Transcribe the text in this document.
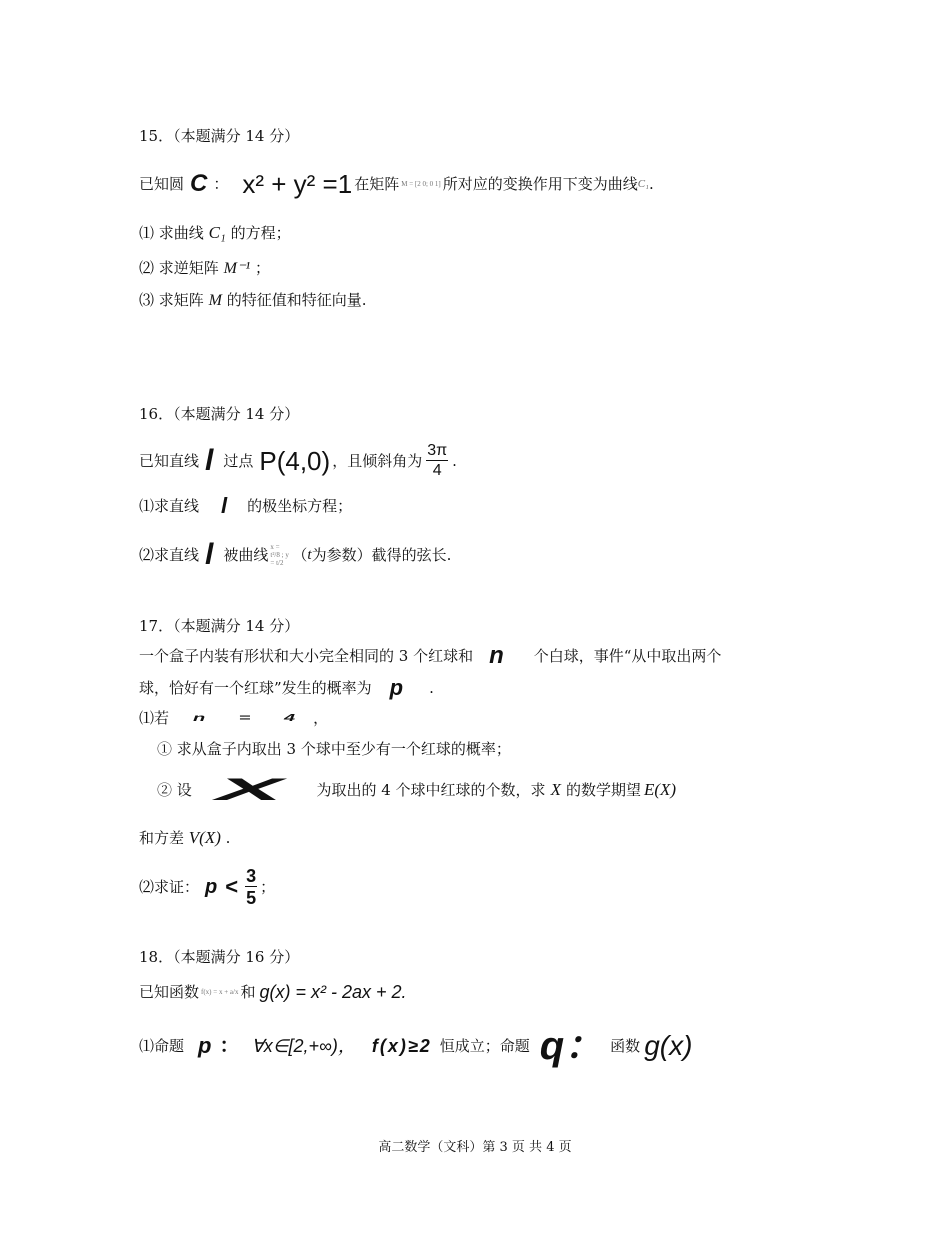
15．（本题满分 14 分）
已知圆 C ： x² + y² =1 在矩阵 M = [2 0; 0 1] 所对应的变换作用下变为曲线 C₁ .
⑴ 求曲线 C₁ 的方程；
⑵ 求逆矩阵 M⁻¹ ；
⑶ 求矩阵 M 的特征值和特征向量.
16．（本题满分 14 分）
已知直线 l 过点 P(4,0) ，且倾斜角为 $\frac{3\pi}{4}$ .
⑴ 求直线 l 的极坐标方程；
⑵ 求直线 l 被曲线 x = t²/8 ; y = t/2 （ t 为参数）截得的弦长.
17．（本题满分 14 分）
一个盒子内装有形状和大小完全相同的 3 个红球和 n 个白球，事件“从中取出两个
球，恰好有一个红球”发生的概率为 p .
⑴ 若 n = 4 ，
① 求从盒子内取出 3 个球中至少有一个红球的概率；
② 设 X 为取出的 4 个球中红球的个数，求 X 的数学期望 E(X)
和方差 V(X) .
⑵ 求证： $p < \frac{3}{5}$ ；
18．（本题满分 16 分）
已知函数 f(x) = x + a/x 和 g(x) = x² - 2ax + 2.
⑴ 命题 p ： ∀x∈[2,+∞)， f(x)≥2 恒成立；命题 q： 函数 g(x)
高二数学（文科）第 3 页 共 4 页
